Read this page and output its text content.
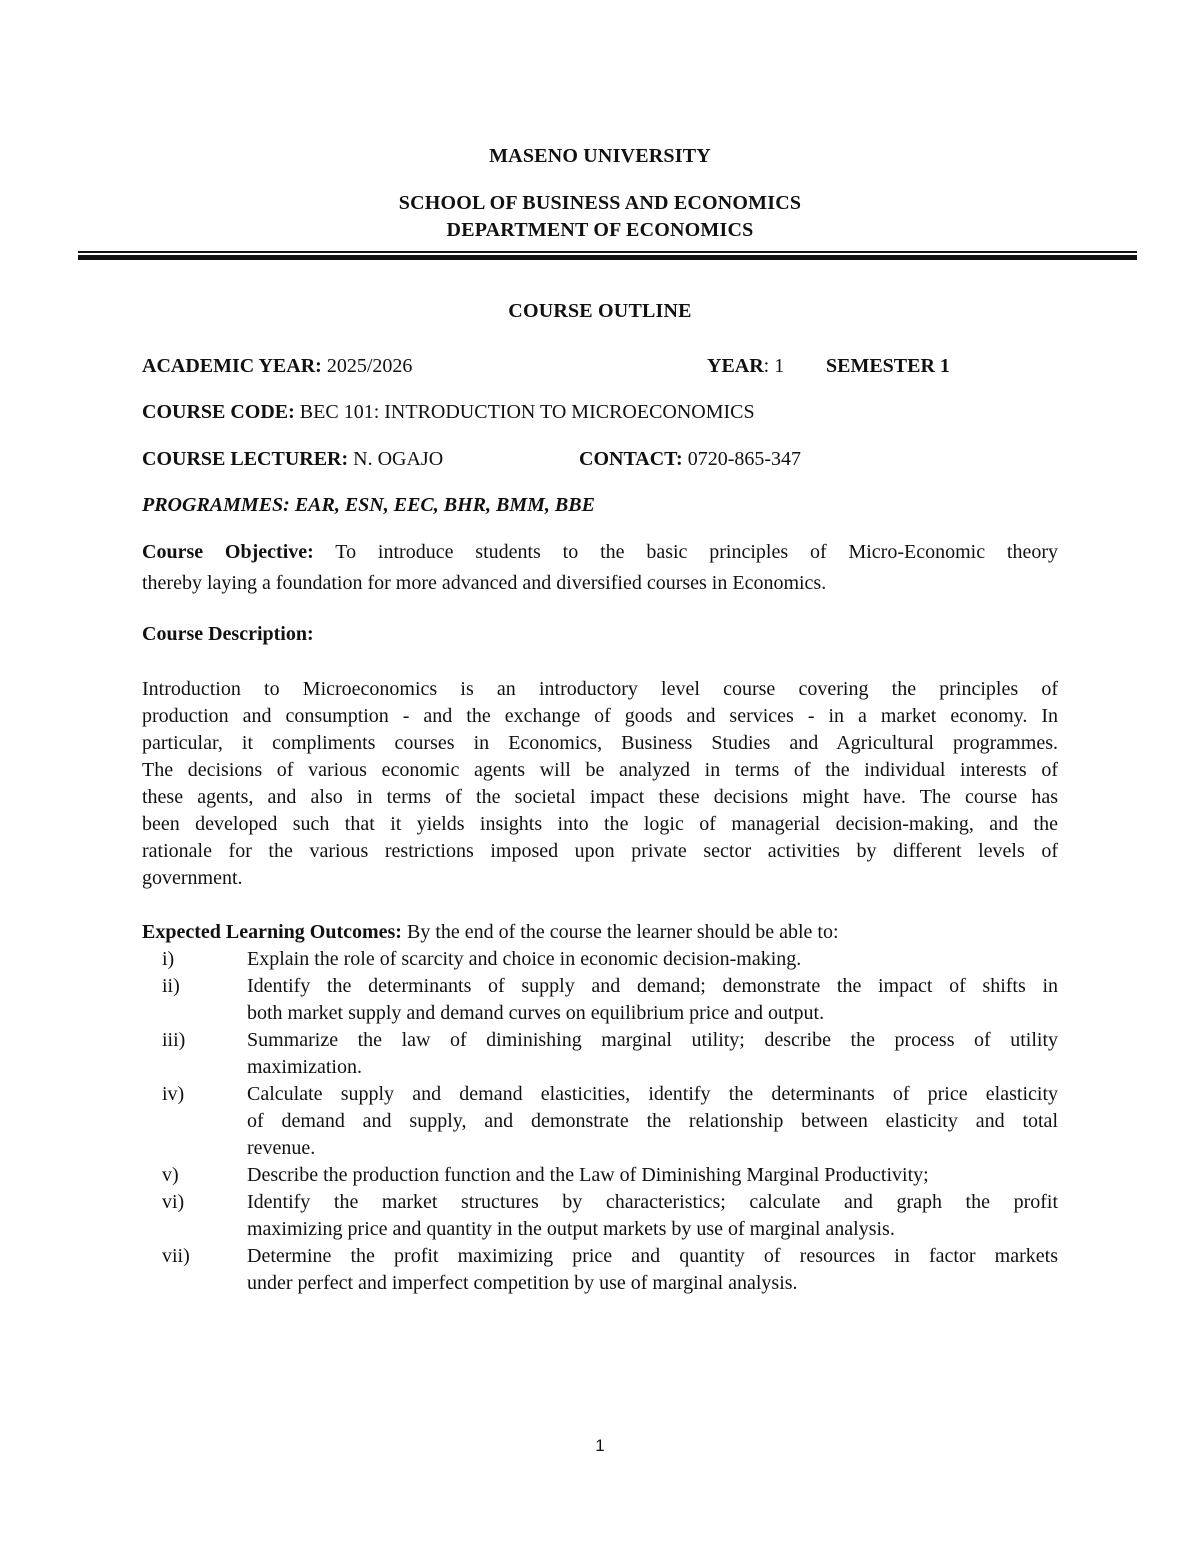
MASENO UNIVERSITY
SCHOOL OF BUSINESS AND ECONOMICS
DEPARTMENT OF ECONOMICS
COURSE OUTLINE
ACADEMIC YEAR: 2025/2026	YEAR: 1 SEMESTER 1
COURSE CODE: BEC 101: INTRODUCTION TO MICROECONOMICS
COURSE LECTURER: N. OGAJO	CONTACT: 0720-865-347
PROGRAMMES: EAR, ESN, EEC, BHR, BMM, BBE
Course Objective: To introduce students to the basic principles of Micro-Economic theory
thereby laying a foundation for more advanced and diversified courses in Economics.
Course Description:
Introduction to Microeconomics is an introductory level course covering the principles of
production and consumption - and the exchange of goods and services - in a market economy. In
particular, it compliments courses in Economics, Business Studies and Agricultural programmes.
The decisions of various economic agents will be analyzed in terms of the individual interests of
these agents, and also in terms of the societal impact these decisions might have. The course has
been developed such that it yields insights into the logic of managerial decision-making, and the
rationale for the various restrictions imposed upon private sector activities by different levels of
government.
Expected Learning Outcomes: By the end of the course the learner should be able to:
i)	Explain the role of scarcity and choice in economic decision-making.
ii)	Identify the determinants of supply and demand; demonstrate the impact of shifts in
both market supply and demand curves on equilibrium price and output.
iii)	Summarize the law of diminishing marginal utility; describe the process of utility
maximization.
iv)	Calculate supply and demand elasticities, identify the determinants of price elasticity
of demand and supply, and demonstrate the relationship between elasticity and total
revenue.
v)	Describe the production function and the Law of Diminishing Marginal Productivity;
vi)	Identify the market structures by characteristics; calculate and graph the profit
maximizing price and quantity in the output markets by use of marginal analysis.
vii)	Determine the profit maximizing price and quantity of resources in factor markets
under perfect and imperfect competition by use of marginal analysis.
1
